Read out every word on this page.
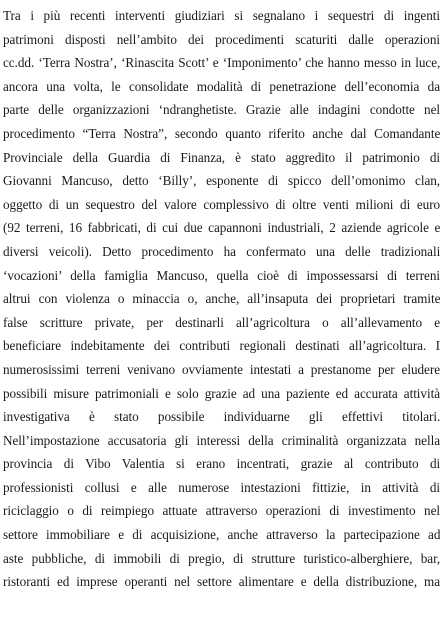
Tra i più recenti interventi giudiziari si segnalano i sequestri di ingenti
patrimoni disposti nell’ambito dei procedimenti scaturiti dalle operazioni
cc.dd. ‘Terra Nostra’, ‘Rinascita Scott’ e ‘Imponimento’ che hanno messo in luce,
ancora una volta, le consolidate modalità di penetrazione dell’economia da
parte delle organizzazioni ‘ndranghetiste. Grazie alle indagini condotte nel
procedimento “Terra Nostra”, secondo quanto riferito anche dal Comandante
Provinciale della Guardia di Finanza, è stato aggredito il patrimonio di
Giovanni Mancuso, detto ‘Billy’, esponente di spicco dell’omonimo clan,
oggetto di un sequestro del valore complessivo di oltre venti milioni di euro
(92 terreni, 16 fabbricati, di cui due capannoni industriali, 2 aziende agricole e
diversi veicoli). Detto procedimento ha confermato una delle tradizionali
‘vocazioni’ della famiglia Mancuso, quella cioè di impossessarsi di terreni
altrui con violenza o minaccia o, anche, all’insaputa dei proprietari tramite
false scritture private, per destinarli all’agricoltura o all’allevamento e
beneficiare indebitamente dei contributi regionali destinati all’agricoltura. I
numerosissimi terreni venivano ovviamente intestati a prestanome per eludere
possibili misure patrimoniali e solo grazie ad una paziente ed accurata attività
investigativa è stato possibile individuarne gli effettivi titolari.
Nell’impostazione accusatoria gli interessi della criminalità organizzata nella
provincia di Vibo Valentia si erano incentrati, grazie al contributo di
professionisti collusi e alle numerose intestazioni fittizie, in attività di
riciclaggio o di reimpiego attuate attraverso operazioni di investimento nel
settore immobiliare e di acquisizione, anche attraverso la partecipazione ad
aste pubbliche, di immobili di pregio, di strutture turistico-alberghiere, bar,
ristoranti ed imprese operanti nel settore alimentare e della distribuzione, ma
